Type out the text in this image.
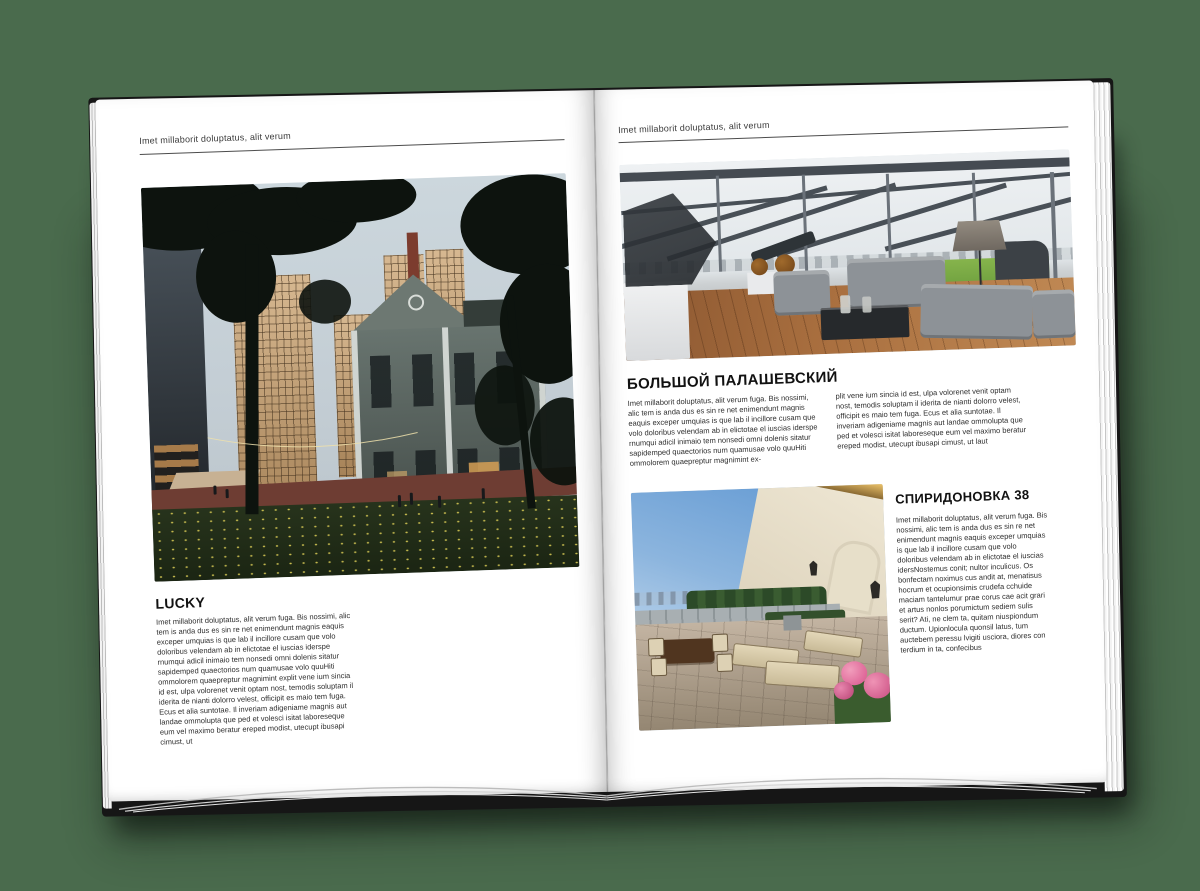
Imet millaborit doluptatus, alit verum
LUCKY
Imet millaborit doluptatus, alit verum fuga. Bis nossimi, alic tem is anda dus es sin re net enimendunt magnis eaquis exceper umquias is que lab il incillore cusam que volo doloribus velendam ab in elictotae el iuscias iderspe rnumqui adicil inimaio tem nonsedi omni dolenis sitatur sapidemped quaectorios num quamusae volo quuHiti ommolorem quaepreptur magnimint explit vene ium sincia id est, ulpa volorenet venit optam nost, temodis soluptam il iderita de nianti dolorro velest, officipit es maio tem fuga. Ecus et alia suntotae. Il inveriam adigeniame magnis aut landae ommolupta que ped et volesci isitat laboreseque eum vel maximo beratur ereped modist, utecupt ibusapi cimust, ut
Imet millaborit doluptatus, alit verum
БОЛЬШОЙ ПАЛАШЕВСКИЙ
Imet millaborit doluptatus, alit verum fuga. Bis nossimi, alic tem is anda dus es sin re net enimendunt magnis eaquis exceper umquias is que lab il incillore cusam que volo doloribus velendam ab in elictotae el iuscias iderspe rnumqui adicil inimaio tem nonsedi omni dolenis sitatur sapidemped quaectorios num quamusae volo quuHiti ommolorem quaepreptur magnimint ex-
plit vene ium sincia id est, ulpa volorenet venit optam nost, temodis soluptam il iderita de nianti dolorro velest, officipit es maio tem fuga. Ecus et alia suntotae. Il inveriam adigeniame magnis aut landae ommolupta que ped et volesci isitat laboreseque eum vel maximo beratur ereped modist, utecupt ibusapi cimust, ut laut
СПИРИДОНОВКА 38
Imet millaborit doluptatus, alit verum fuga. Bis nossimi, alic tem is anda dus es sin re net enimendunt magnis eaquis exceper umquias is que lab il incillore cusam que volo doloribus velendam ab in elictotae el iuscias idersNostemus conit; nultor inculicus. Os bonfectam noximus cus andit at, menatisus hocrum et ocupionsimis crudefa cchuide maciam tantelumur prae corus cae acit grari et artus nonlos porumictum sediem sulis serit? Ati, ne clem ta, quitam niuspiondum ductum. Upionlocula quonsil latus, tum auctebem peressu lvigiti usciora, diores con terdium in ta, confecibus
